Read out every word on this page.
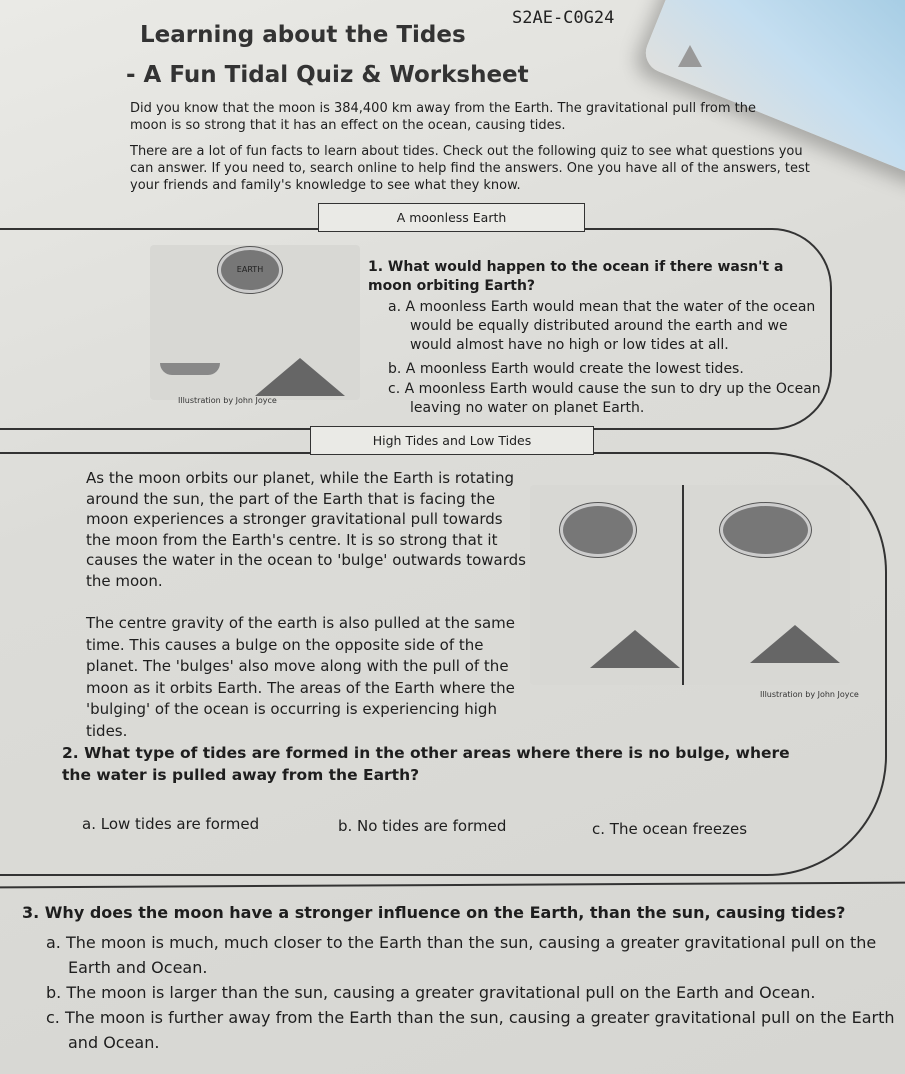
S2AE-C0G24
Learning about the Tides
- A Fun Tidal Quiz & Worksheet
Did you know that the moon is 384,400 km away from the Earth. The gravitational pull from the moon is so strong that it has an effect on the ocean, causing tides.
There are a lot of fun facts to learn about tides. Check out the following quiz to see what questions you can answer. If you need to, search online to help find the answers. One you have all of the answers, test your friends and family's knowledge to see what they know.
A moonless Earth
EARTH
Illustration by John Joyce
1. What would happen to the ocean if there wasn't a moon orbiting Earth?
a. A moonless Earth would mean that the water of the ocean would be equally distributed around the earth and we would almost have no high or low tides at all.
b. A moonless Earth would create the lowest tides.
c. A moonless Earth would cause the sun to dry up the Ocean leaving no water on planet Earth.
High Tides and Low Tides
As the moon orbits our planet, while the Earth is rotating around the sun, the part of the Earth that is facing the moon experiences a stronger gravitational pull towards the moon from the Earth's centre. It is so strong that it causes the water in the ocean to 'bulge' outwards towards the moon.
The centre gravity of the earth is also pulled at the same time. This causes a bulge on the opposite side of the planet. The 'bulges' also move along with the pull of the moon as it orbits Earth. The areas of the Earth where the 'bulging' of the ocean is occurring is experiencing high tides.
Illustration by John Joyce
2. What type of tides are formed in the other areas where there is no bulge, where the water is pulled away from the Earth?
a. Low tides are formed	b. No tides are formed	c. The ocean freezes
3. Why does the moon have a stronger influence on the Earth, than the sun, causing tides?
a. The moon is much, much closer to the Earth than the sun, causing a greater gravitational pull on the Earth and Ocean.
b. The moon is larger than the sun, causing a greater gravitational pull on the Earth and Ocean.
c. The moon is further away from the Earth than the sun, causing a greater gravitational pull on the Earth and Ocean.
